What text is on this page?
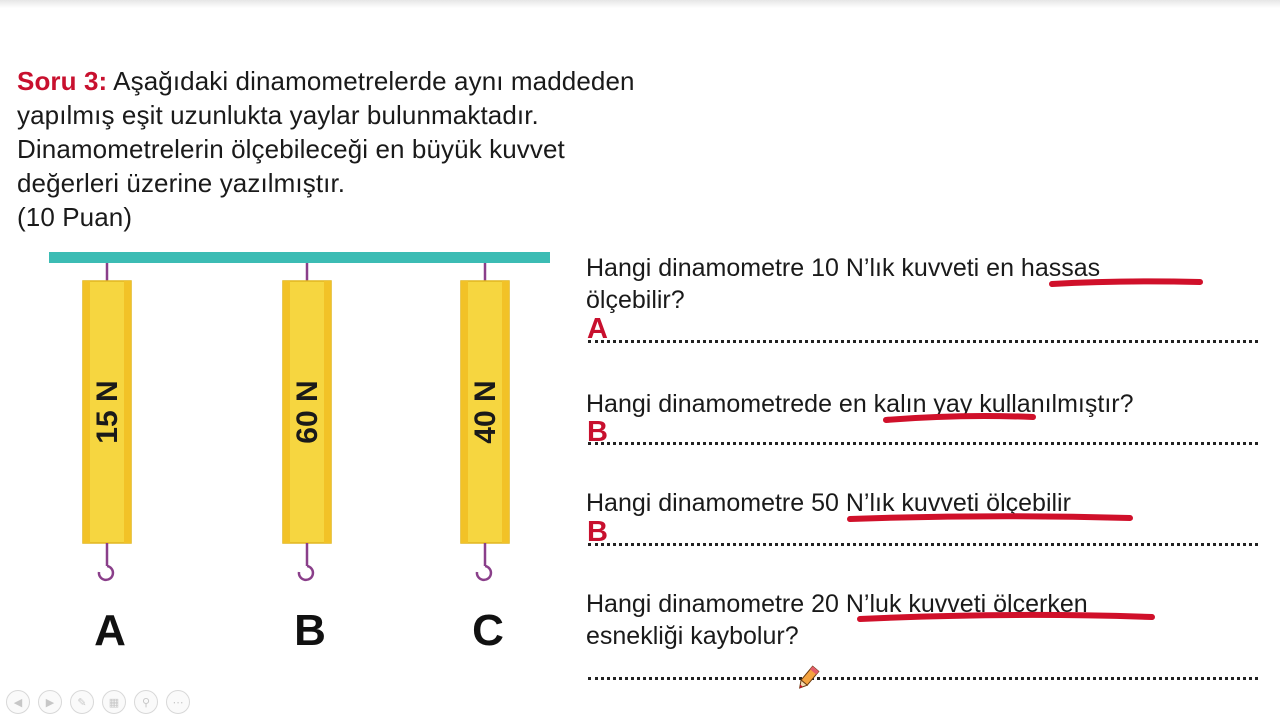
Soru 3: Aşağıdaki dinamometrelerde aynı maddeden
yapılmış eşit uzunlukta yaylar bulunmaktadır.
Dinamometrelerin ölçebileceği en büyük kuvvet
değerleri üzerine yazılmıştır.
(10 Puan)
15 N
A
60 N
B
40 N
C
Hangi dinamometre 10 N’lık kuvveti en hassas
ölçebilir?
A
Hangi dinamometrede en kalın yay kullanılmıştır?
B
Hangi dinamometre 50 N’lık kuvveti ölçebilir
B
Hangi dinamometre 20 N’luk kuvveti ölçerken
esnekliği kaybolur?
◀	▶	✎	▦	⚲	⋯
